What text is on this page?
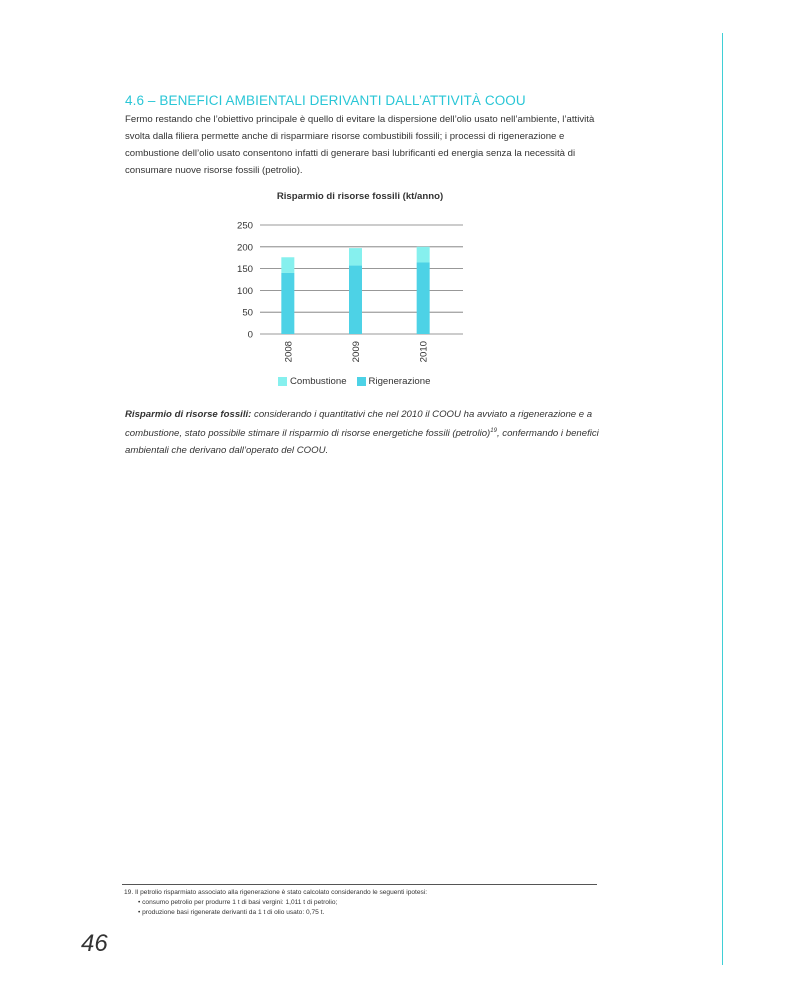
4.6 – BENEFICI AMBIENTALI DERIVANTI DALL’ATTIVITÀ COOU

Fermo restando che l’obiettivo principale è quello di evitare la dispersione dell’olio usato nell’ambiente, l’attività svolta dalla filiera permette anche di risparmiare risorse combustibili fossili; i processi di rigenerazione e combustione dell’olio usato consentono infatti di generare basi lubrificanti ed energia senza la necessità di consumare nuove risorse fossili (petrolio).

Risparmio di risorse fossili (kt/anno)

250
200
150
100
50
0
2008	2009	2010
Combustione Rigenerazione

Risparmio di risorse fossili: considerando i quantitativi che nel 2010 il COOU ha avviato a rigenerazione e a combustione, stato possibile stimare il risparmio di risorse energetiche fossili (petrolio)$^{19}$, confermando i benefici ambientali che derivano dall’operato del COOU.

19. Il petrolio risparmiato associato alla rigenerazione è stato calcolato considerando le seguenti ipotesi:
• consumo petrolio per produrre 1 t di basi vergini: 1,011 t di petrolio;
• produzione basi rigenerate derivanti da 1 t di olio usato: 0,75 t.

46
